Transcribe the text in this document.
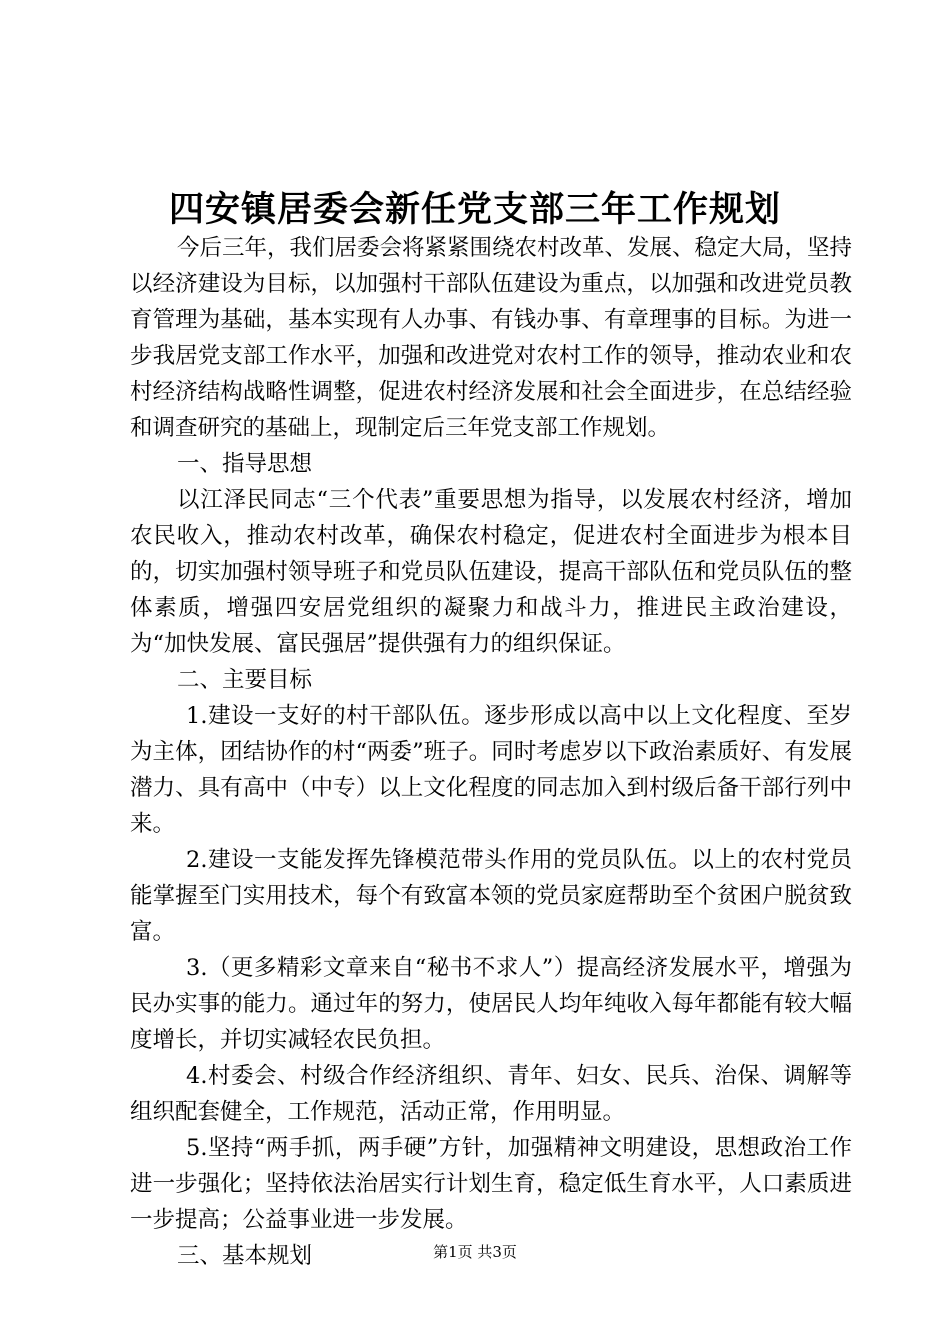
四安镇居委会新任党支部三年工作规划

今后三年，我们居委会将紧紧围绕农村改革、发展、稳定大局，坚持以经济建设为目标，以加强村干部队伍建设为重点，以加强和改进党员教育管理为基础，基本实现有人办事、有钱办事、有章理事的目标。为进一步我居党支部工作水平，加强和改进党对农村工作的领导，推动农业和农村经济结构战略性调整，促进农村经济发展和社会全面进步，在总结经验和调查研究的基础上，现制定后三年党支部工作规划。

一、指导思想

以江泽民同志“三个代表”重要思想为指导，以发展农村经济，增加农民收入，推动农村改革，确保农村稳定，促进农村全面进步为根本目的，切实加强村领导班子和党员队伍建设，提高干部队伍和党员队伍的整体素质，增强四安居党组织的凝聚力和战斗力，推进民主政治建设，为“加快发展、富民强居”提供强有力的组织保证。

二、主要目标

1.建设一支好的村干部队伍。逐步形成以高中以上文化程度、至岁为主体，团结协作的村“两委”班子。同时考虑岁以下政治素质好、有发展潜力、具有高中（中专）以上文化程度的同志加入到村级后备干部行列中来。

2.建设一支能发挥先锋模范带头作用的党员队伍。以上的农村党员能掌握至门实用技术，每个有致富本领的党员家庭帮助至个贫困户脱贫致富。

3.（更多精彩文章来自“秘书不求人”）提高经济发展水平，增强为民办实事的能力。通过年的努力，使居民人均年纯收入每年都能有较大幅度增长，并切实减轻农民负担。

4.村委会、村级合作经济组织、青年、妇女、民兵、治保、调解等组织配套健全，工作规范，活动正常，作用明显。

5.坚持“两手抓，两手硬”方针，加强精神文明建设，思想政治工作进一步强化；坚持依法治居实行计划生育，稳定低生育水平，人口素质进一步提高；公益事业进一步发展。

三、基本规划	第1页 共3页
